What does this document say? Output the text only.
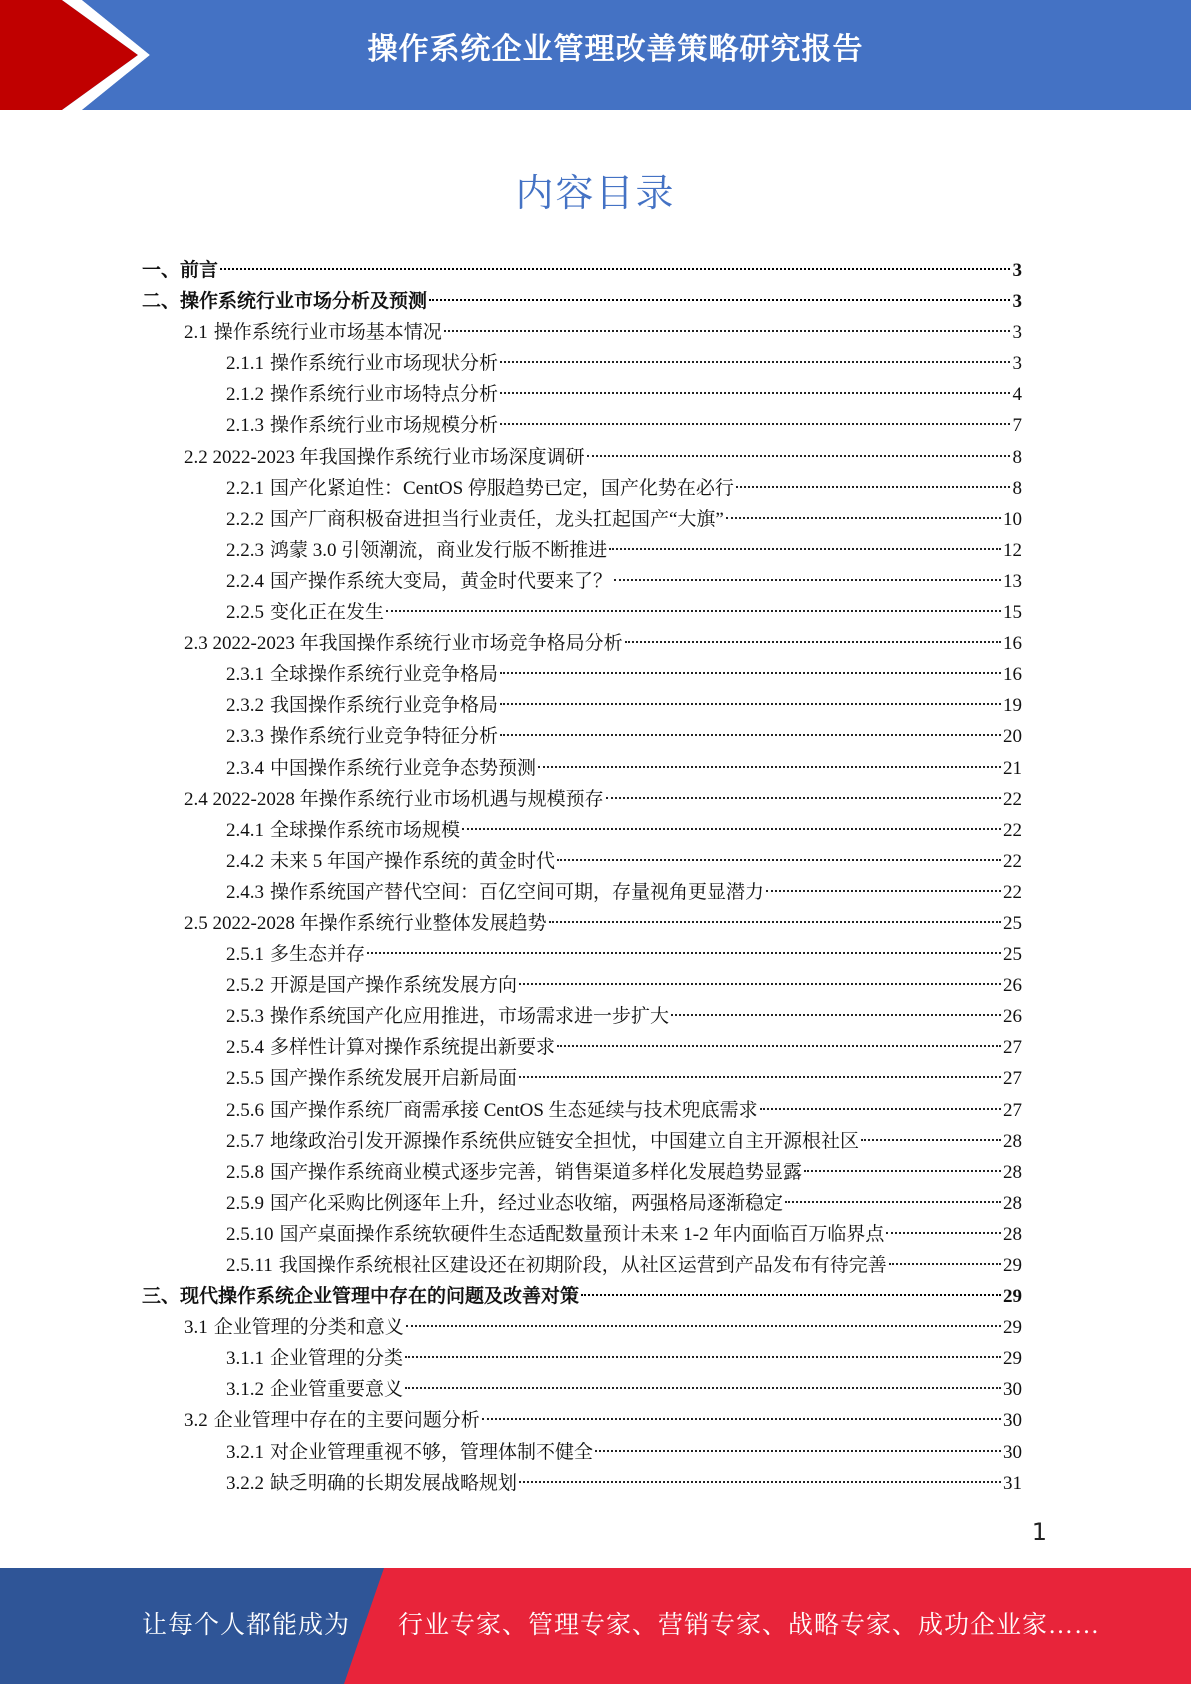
操作系统企业管理改善策略研究报告
内容目录
一、前言	3
二、操作系统行业市场分析及预测	3
2.1 操作系统行业市场基本情况	3
2.1.1 操作系统行业市场现状分析	3
2.1.2 操作系统行业市场特点分析	4
2.1.3 操作系统行业市场规模分析	7
2.2 2022-2023 年我国操作系统行业市场深度调研	8
2.2.1 国产化紧迫性：CentOS 停服趋势已定，国产化势在必行	8
2.2.2 国产厂商积极奋进担当行业责任，龙头扛起国产“大旗”	10
2.2.3 鸿蒙 3.0 引领潮流，商业发行版不断推进	12
2.2.4 国产操作系统大变局，黄金时代要来了？	13
2.2.5 变化正在发生	15
2.3 2022-2023 年我国操作系统行业市场竞争格局分析	16
2.3.1 全球操作系统行业竞争格局	16
2.3.2 我国操作系统行业竞争格局	19
2.3.3 操作系统行业竞争特征分析	20
2.3.4 中国操作系统行业竞争态势预测	21
2.4 2022-2028 年操作系统行业市场机遇与规模预存	22
2.4.1 全球操作系统市场规模	22
2.4.2 未来 5 年国产操作系统的黄金时代	22
2.4.3 操作系统国产替代空间：百亿空间可期，存量视角更显潜力	22
2.5 2022-2028 年操作系统行业整体发展趋势	25
2.5.1 多生态并存	25
2.5.2 开源是国产操作系统发展方向	26
2.5.3 操作系统国产化应用推进，市场需求进一步扩大	26
2.5.4 多样性计算对操作系统提出新要求	27
2.5.5 国产操作系统发展开启新局面	27
2.5.6 国产操作系统厂商需承接 CentOS 生态延续与技术兜底需求	27
2.5.7 地缘政治引发开源操作系统供应链安全担忧，中国建立自主开源根社区	28
2.5.8 国产操作系统商业模式逐步完善，销售渠道多样化发展趋势显露	28
2.5.9 国产化采购比例逐年上升，经过业态收缩，两强格局逐渐稳定	28
2.5.10 国产桌面操作系统软硬件生态适配数量预计未来 1-2 年内面临百万临界点	28
2.5.11 我国操作系统根社区建设还在初期阶段，从社区运营到产品发布有待完善	29
三、现代操作系统企业管理中存在的问题及改善对策	29
3.1 企业管理的分类和意义	29
3.1.1 企业管理的分类	29
3.1.2 企业管重要意义	30
3.2 企业管理中存在的主要问题分析	30
3.2.1 对企业管理重视不够，管理体制不健全	30
3.2.2 缺乏明确的长期发展战略规划	31
1
让每个人都能成为 行业专家、管理专家、营销专家、战略专家、成功企业家……
